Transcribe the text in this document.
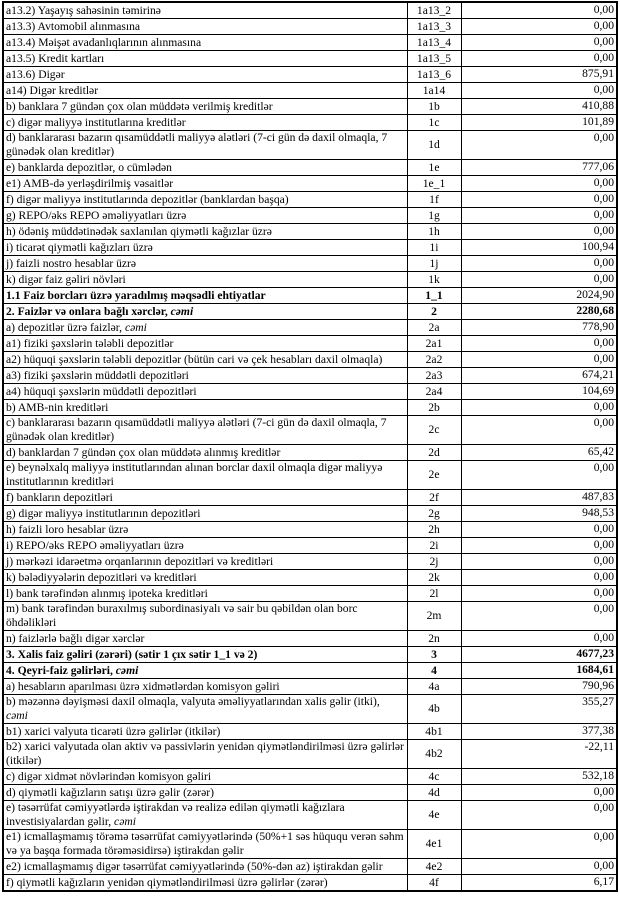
a13.2) Yaşayış sahəsinin təmirinə	1a13_2	0,00
a13.3) Avtomobil alınmasına	1a13_3	0,00
a13.4) Məişət avadanlıqlarının alınmasına	1a13_4	0,00
a13.5) Kredit kartları	1a13_5	0,00
a13.6) Digər	1a13_6	875,91
a14) Digər kreditlər	1a14	0,00
b) banklara 7 gündən çox olan müddətə verilmiş kreditlər	1b	410,88
c) digər maliyyə institutlarına kreditlər	1c	101,89
d) banklararası bazarın qısamüddətli maliyyə alətləri (7-ci gün də daxil olmaqla, 7 günədək olan kreditlər)	1d	0,00
e) banklarda depozitlər, o cümlədən	1e	777,06
e1) AMB-də yerləşdirilmiş vəsaitlər	1e_1	0,00
f) digər maliyyə institutlarında depozitlər (banklardan başqa)	1f	0,00
g) REPO/əks REPO əməliyyatları üzrə	1g	0,00
h) ödəniş müddətinədək saxlanılan qiymətli kağızlar üzrə	1h	0,00
i) ticarət qiymətli kağızları üzrə	1i	100,94
j) faizli nostro hesablar üzrə	1j	0,00
k) digər faiz gəliri növləri	1k	0,00
1.1 Faiz borcları üzrə yaradılmış məqsədli ehtiyatlar	1_1	2024,90
2. Faizlər və onlara bağlı xərclər, cəmi	2	2280,68
a) depozitlər üzrə faizlər, cəmi	2a	778,90
a1) fiziki şəxslərin tələbli depozitlər	2a1	0,00
a2) hüquqi şəxslərin tələbli depozitlər (bütün cari və çek hesabları daxil olmaqla)	2a2	0,00
a3) fiziki şəxslərin müddətli depozitləri	2a3	674,21
a4) hüquqi şəxslərin müddətli depozitləri	2a4	104,69
b) AMB-nin kreditləri	2b	0,00
c) banklararası bazarın qısamüddətli maliyyə alətləri (7-ci gün də daxil olmaqla, 7 günədək olan kreditlər)	2c	0,00
d) banklardan 7 gündən çox olan müddətə alınmış kreditlər	2d	65,42
e) beynəlxalq maliyyə institutlarından alınan borclar daxil olmaqla digər maliyyə institutlarının kreditləri	2e	0,00
f) bankların depozitləri	2f	487,83
g) digər maliyyə institutlarının depozitləri	2g	948,53
h) faizli loro hesablar üzrə	2h	0,00
i) REPO/əks REPO əməliyyatları üzrə	2i	0,00
j) mərkəzi idarəetmə orqanlarının depozitləri və kreditləri	2j	0,00
k) bələdiyyələrin depozitləri və kreditləri	2k	0,00
l) bank tərəfindən alınmış ipoteka kreditləri	2l	0,00
m) bank tərəfindən buraxılmış subordinasiyalı və sair bu qəbildən olan borc öhdəlikləri	2m	0,00
n) faizlərlə bağlı digər xərclər	2n	0,00
3. Xalis faiz gəliri (zərəri) (sətir 1 çıx sətir 1_1 və 2)	3	4677,23
4. Qeyri-faiz gəlirləri, cəmi	4	1684,61
a) hesabların aparılması üzrə xidmətlərdən komisyon gəliri	4a	790,96
b) məzənnə dəyişməsi daxil olmaqla, valyuta əməliyyatlarından xalis gəlir (itki), cəmi	4b	355,27
b1) xarici valyuta ticarəti üzrə gəlirlər (itkilər)	4b1	377,38
b2) xarici valyutada olan aktiv və passivlərin yenidən qiymətləndirilməsi üzrə gəlirlər (itkilər)	4b2	-22,11
c) digər xidmət növlərindən komisyon gəliri	4c	532,18
d) qiymətli kağızların satışı üzrə gəlir (zərər)	4d	0,00
e) təsərrüfat cəmiyyətlərdə iştirakdan və realizə edilən qiymətli kağızlara investisiyalardan gəlir, cəmi	4e	0,00
e1) icmallaşmamış törəmə təsərrüfat cəmiyyətlərində (50%+1 səs hüququ verən səhm və ya başqa formada törəməsidirsə) iştirakdan gəlir	4e1	0,00
e2) icmallaşmamış digər təsərrüfat cəmiyyətlərində (50%-dən az) iştirakdan gəlir	4e2	0,00
f) qiymətli kağızların yenidən qiymətləndirilməsi üzrə gəlirlər (zərər)	4f	6,17
